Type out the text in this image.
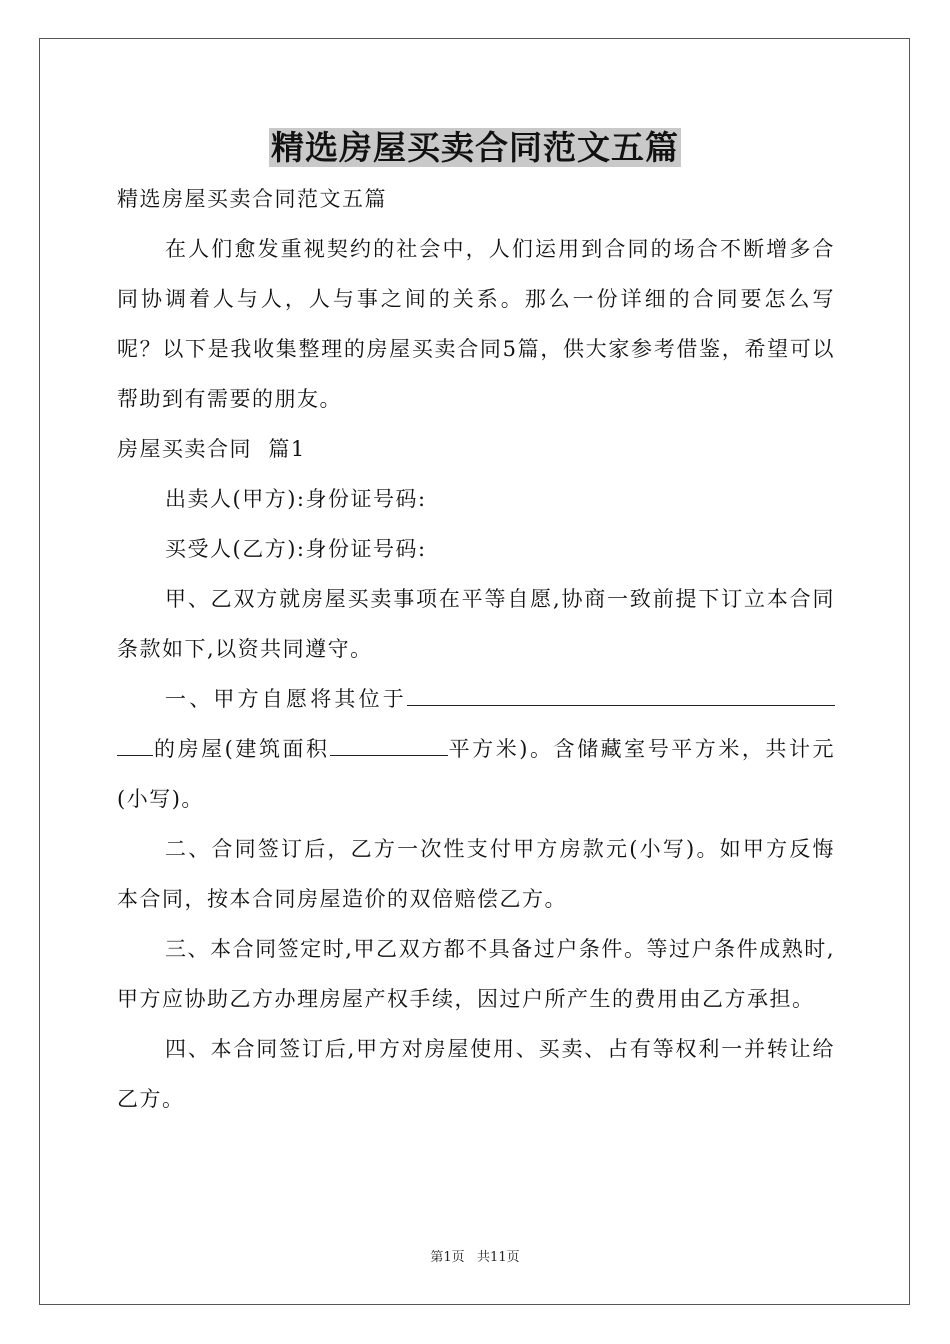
精选房屋买卖合同范文五篇

精选房屋买卖合同范文五篇

在人们愈发重视契约的社会中，人们运用到合同的场合不断增多合同协调着人与人，人与事之间的关系。那么一份详细的合同要怎么写呢？以下是我收集整理的房屋买卖合同5篇，供大家参考借鉴，希望可以帮助到有需要的朋友。

房屋买卖合同  篇1

出卖人(甲方):身份证号码:

买受人(乙方):身份证号码:

甲、乙双方就房屋买卖事项在平等自愿,协商一致前提下订立本合同条款如下,以资共同遵守。

一、甲方自愿将其位于的房屋(建筑面积	平方米)。含储藏室号平方米，共计元(小写)。

二、合同签订后，乙方一次性支付甲方房款元(小写)。如甲方反悔本合同，按本合同房屋造价的双倍赔偿乙方。

三、本合同签定时,甲乙双方都不具备过户条件。等过户条件成熟时,甲方应协助乙方办理房屋产权手续，因过户所产生的费用由乙方承担。

四、本合同签订后,甲方对房屋使用、买卖、占有等权利一并转让给乙方。

第1页   共11页
